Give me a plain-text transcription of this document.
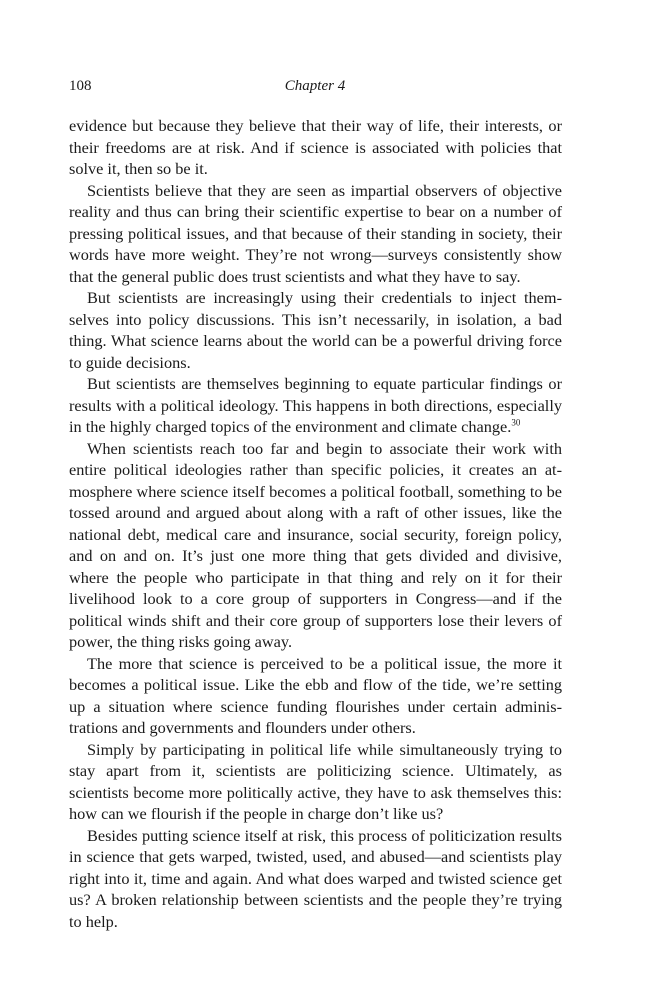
108	Chapter 4

evidence but because they believe that their way of life, their interests, or their freedoms are at risk. And if science is associated with policies that solve it, then so be it.

Scientists believe that they are seen as impartial observers of objective reality and thus can bring their scientific expertise to bear on a number of pressing political issues, and that because of their standing in society, their words have more weight. They’re not wrong—surveys consistently show that the general public does trust scientists and what they have to say.

But scientists are increasingly using their credentials to inject themselves into policy discussions. This isn’t necessarily, in isolation, a bad thing. What science learns about the world can be a powerful driving force to guide decisions.

But scientists are themselves beginning to equate particular findings or results with a political ideology. This happens in both directions, especially in the highly charged topics of the environment and climate change.$^{30}$

When scientists reach too far and begin to associate their work with entire political ideologies rather than specific policies, it creates an atmosphere where science itself becomes a political football, something to be tossed around and argued about along with a raft of other issues, like the national debt, medical care and insurance, social security, foreign policy, and on and on. It’s just one more thing that gets divided and divisive, where the people who participate in that thing and rely on it for their livelihood look to a core group of supporters in Congress—and if the political winds shift and their core group of supporters lose their levers of power, the thing risks going away.

The more that science is perceived to be a political issue, the more it becomes a political issue. Like the ebb and flow of the tide, we’re setting up a situation where science funding flourishes under certain administrations and governments and flounders under others.

Simply by participating in political life while simultaneously trying to stay apart from it, scientists are politicizing science. Ultimately, as scientists become more politically active, they have to ask themselves this: how can we flourish if the people in charge don’t like us?

Besides putting science itself at risk, this process of politicization results in science that gets warped, twisted, used, and abused—and scientists play right into it, time and again. And what does warped and twisted science get us? A broken relationship between scientists and the people they’re trying to help.
